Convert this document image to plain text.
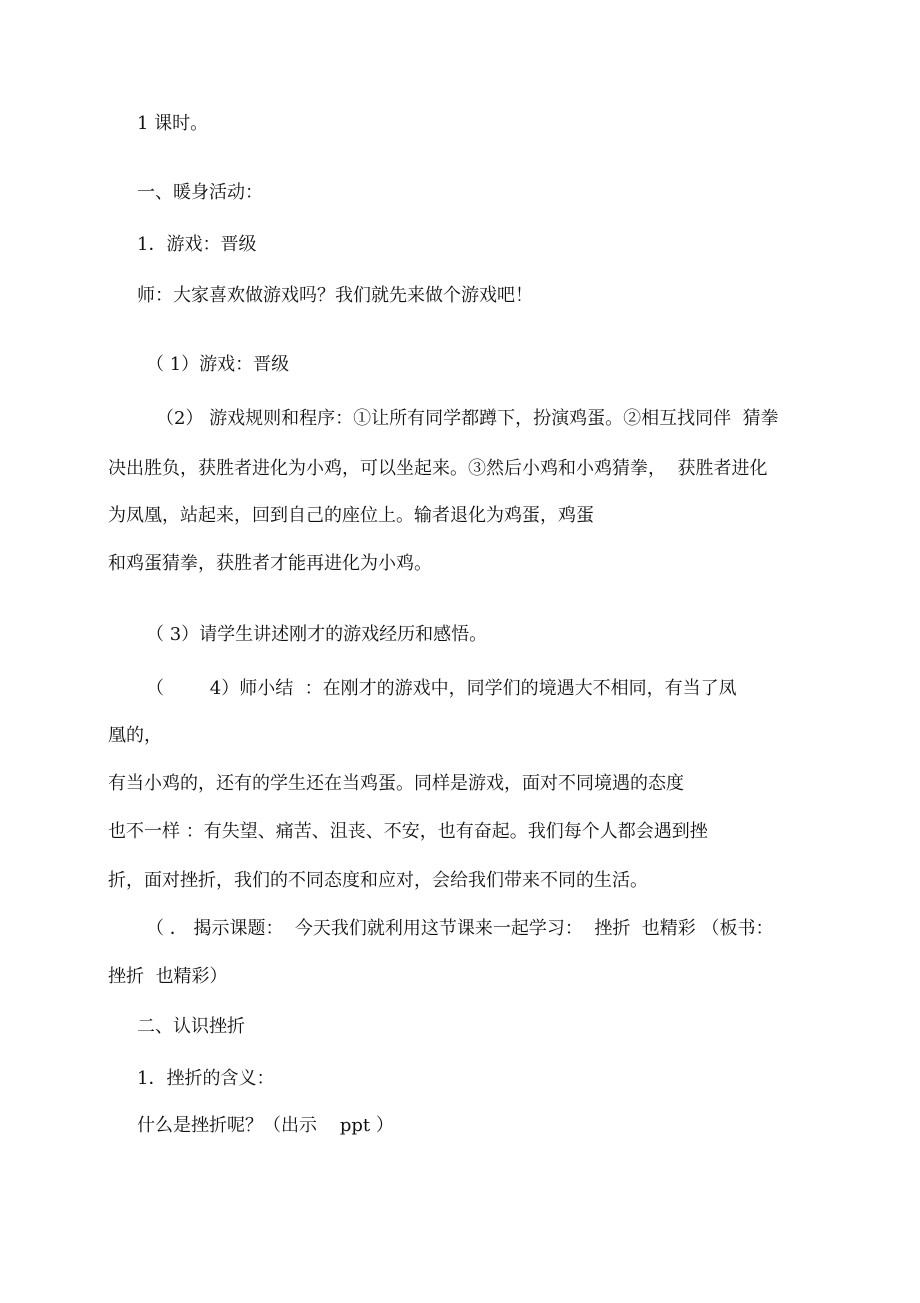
1 课时。
一、暖身活动：
1．游戏：晋级
师：大家喜欢做游戏吗？我们就先来做个游戏吧！
（ 1）游戏：晋级
（2） 游戏规则和程序：①让所有同学都蹲下，扮演鸡蛋。②相互找同伴  猜拳
决出胜负，获胜者进化为小鸡，可以坐起来。③然后小鸡和小鸡猜拳，  获胜者进化
为凤凰，站起来，回到自己的座位上。输者退化为鸡蛋，鸡蛋
和鸡蛋猜拳，获胜者才能再进化为小鸡。
（ 3）请学生讲述刚才的游戏经历和感悟。
（        4）师小结  ：在刚才的游戏中，同学们的境遇大不相同，有当了凤
凰的，
有当小鸡的，还有的学生还在当鸡蛋。同样是游戏，面对不同境遇的态度
也不一样 ：有失望、痛苦、沮丧、不安，也有奋起。我们每个人都会遇到挫
折，面对挫折，我们的不同态度和应对，会给我们带来不同的生活。
（ ． 揭示课题：  今天我们就利用这节课来一起学习：  挫折  也精彩 （板书：
挫折  也精彩）
二、认识挫折
1．挫折的含义：
什么是挫折呢？（出示    ppt ）
